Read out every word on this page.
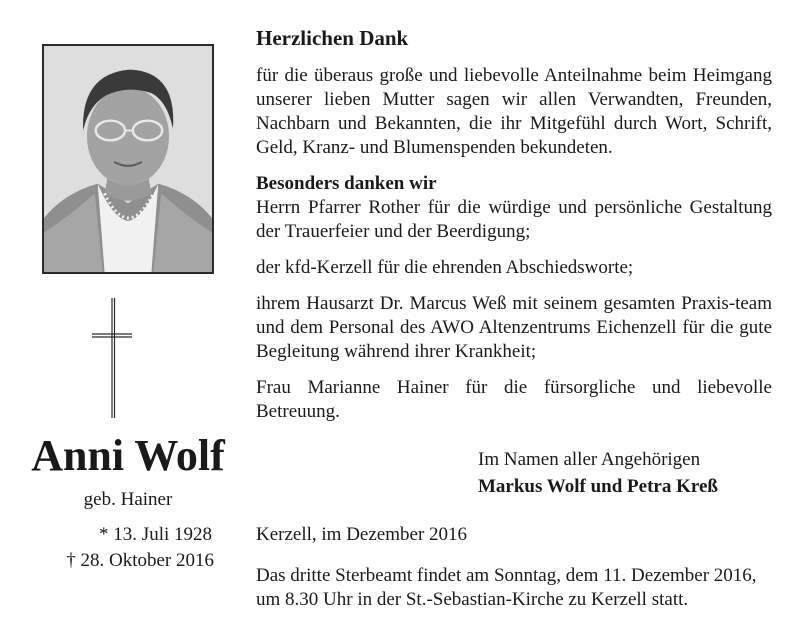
Anni Wolf
geb. Hainer
* 13. Juli 1928
† 28. Oktober 2016
Herzlichen Dank

für die überaus große und liebevolle Anteilnahme beim Heimgang unserer lieben Mutter sagen wir allen Verwandten, Freunden, Nachbarn und Bekannten, die ihr Mitgefühl durch Wort, Schrift, Geld, Kranz- und Blumenspenden bekundeten.

Besonders danken wir
Herrn Pfarrer Rother für die würdige und persönliche Gestaltung der Trauerfeier und der Beerdigung;

der kfd-Kerzell für die ehrenden Abschiedsworte;

ihrem Hausarzt Dr. Marcus Weß mit seinem gesamten Praxis-team und dem Personal des AWO Altenzentrums Eichenzell für die gute Begleitung während ihrer Krankheit;

Frau Marianne Hainer für die fürsorgliche und liebevolle Betreuung.

Im Namen aller Angehörigen
Markus Wolf und Petra Kreß
Kerzell, im Dezember 2016
Das dritte Sterbeamt findet am Sonntag, dem 11. Dezember 2016, um 8.30 Uhr in der St.-Sebastian-Kirche zu Kerzell statt.
